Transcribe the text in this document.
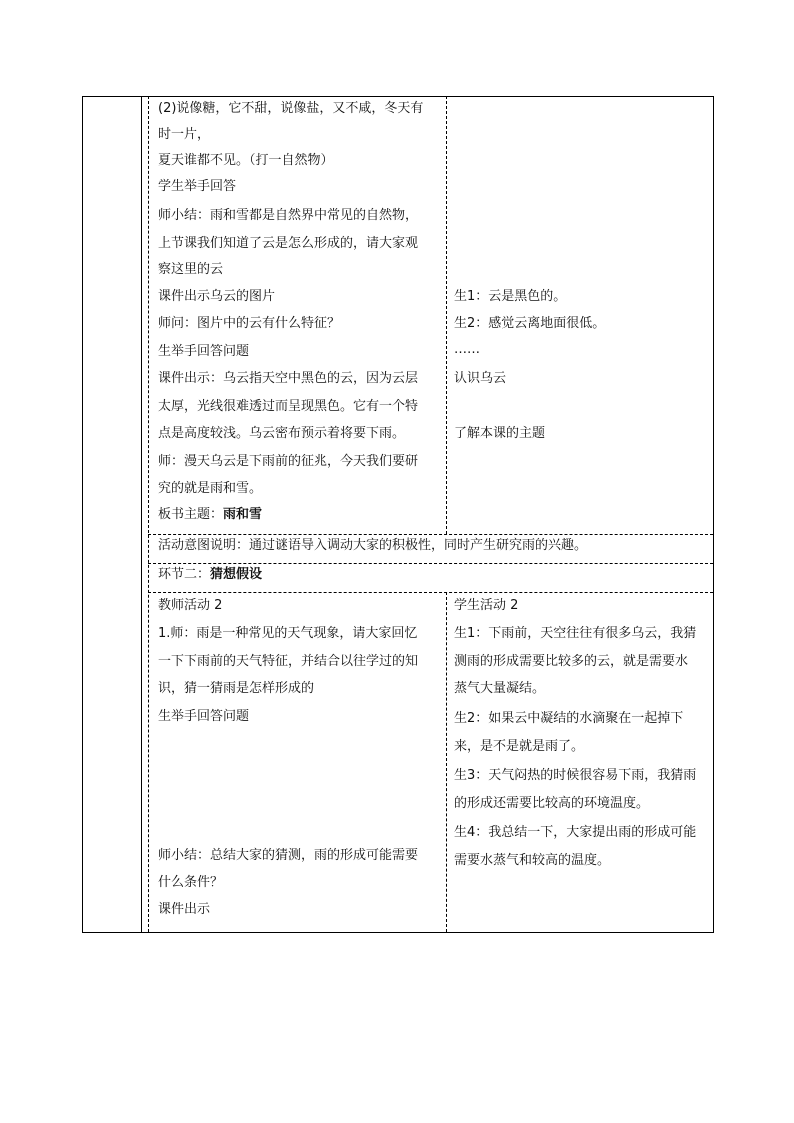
(2)说像糖，它不甜，说像盐，又不咸，冬天有
时一片，
夏天谁都不见。（打一自然物）
学生举手回答
师小结：雨和雪都是自然界中常见的自然物，
上节课我们知道了云是怎么形成的，请大家观
察这里的云
课件出示乌云的图片
师问：图片中的云有什么特征？
生举手回答问题
课件出示：乌云指天空中黑色的云，因为云层
太厚，光线很难透过而呈现黑色。它有一个特
点是高度较浅。乌云密布预示着将要下雨。
师：漫天乌云是下雨前的征兆，今天我们要研
究的就是雨和雪。
板书主题：雨和雪
生1：云是黑色的。
生2：感觉云离地面很低。
……
认识乌云
了解本课的主题
活动意图说明：通过谜语导入调动大家的积极性，同时产生研究雨的兴趣。
环节二：猜想假设
教师活动 2
1.师：雨是一种常见的天气现象，请大家回忆
一下下雨前的天气特征，并结合以往学过的知
识，猜一猜雨是怎样形成的
生举手回答问题
师小结：总结大家的猜测，雨的形成可能需要
什么条件？
课件出示
学生活动 2
生1：下雨前，天空往往有很多乌云，我猜
测雨的形成需要比较多的云，就是需要水
蒸气大量凝结。
生2：如果云中凝结的水滴聚在一起掉下
来，是不是就是雨了。
生3：天气闷热的时候很容易下雨，我猜雨
的形成还需要比较高的环境温度。
生4：我总结一下，大家提出雨的形成可能
需要水蒸气和较高的温度。
